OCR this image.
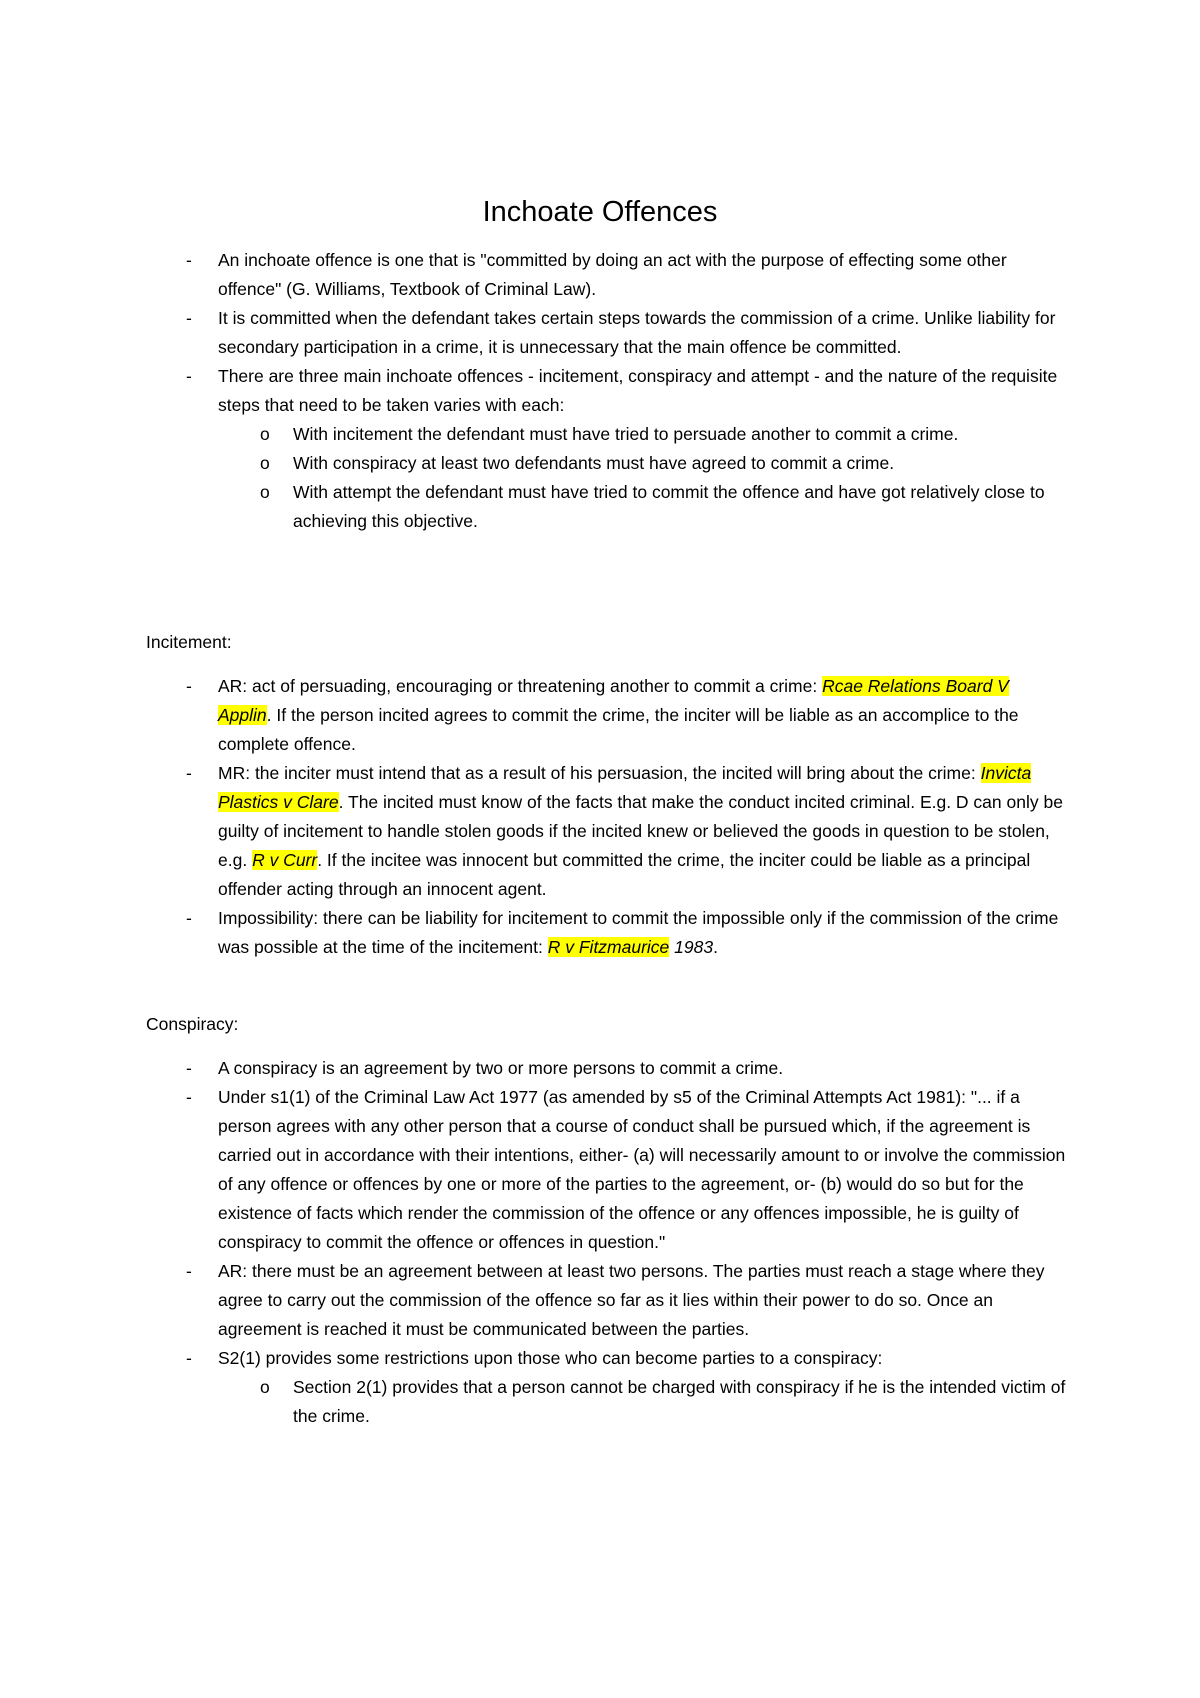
Inchoate Offences
- An inchoate offence is one that is "committed by doing an act with the purpose of effecting some other offence" (G. Williams, Textbook of Criminal Law).
- It is committed when the defendant takes certain steps towards the commission of a crime. Unlike liability for secondary participation in a crime, it is unnecessary that the main offence be committed.
- There are three main inchoate offences - incitement, conspiracy and attempt - and the nature of the requisite steps that need to be taken varies with each:
o With incitement the defendant must have tried to persuade another to commit a crime.
o With conspiracy at least two defendants must have agreed to commit a crime.
o With attempt the defendant must have tried to commit the offence and have got relatively close to achieving this objective.

Incitement:

- AR: act of persuading, encouraging or threatening another to commit a crime: Rcae Relations Board V Applin. If the person incited agrees to commit the crime, the inciter will be liable as an accomplice to the complete offence.
- MR: the inciter must intend that as a result of his persuasion, the incited will bring about the crime: Invicta Plastics v Clare. The incited must know of the facts that make the conduct incited criminal. E.g. D can only be guilty of incitement to handle stolen goods if the incited knew or believed the goods in question to be stolen, e.g. R v Curr. If the incitee was innocent but committed the crime, the inciter could be liable as a principal offender acting through an innocent agent.
- Impossibility: there can be liability for incitement to commit the impossible only if the commission of the crime was possible at the time of the incitement: R v Fitzmaurice 1983.

Conspiracy:

- A conspiracy is an agreement by two or more persons to commit a crime.
- Under s1(1) of the Criminal Law Act 1977 (as amended by s5 of the Criminal Attempts Act 1981): "... if a person agrees with any other person that a course of conduct shall be pursued which, if the agreement is carried out in accordance with their intentions, either- (a) will necessarily amount to or involve the commission of any offence or offences by one or more of the parties to the agreement, or- (b) would do so but for the existence of facts which render the commission of the offence or any offences impossible, he is guilty of conspiracy to commit the offence or offences in question."
- AR: there must be an agreement between at least two persons. The parties must reach a stage where they agree to carry out the commission of the offence so far as it lies within their power to do so. Once an agreement is reached it must be communicated between the parties.
- S2(1) provides some restrictions upon those who can become parties to a conspiracy:
o Section 2(1) provides that a person cannot be charged with conspiracy if he is the intended victim of the crime.
